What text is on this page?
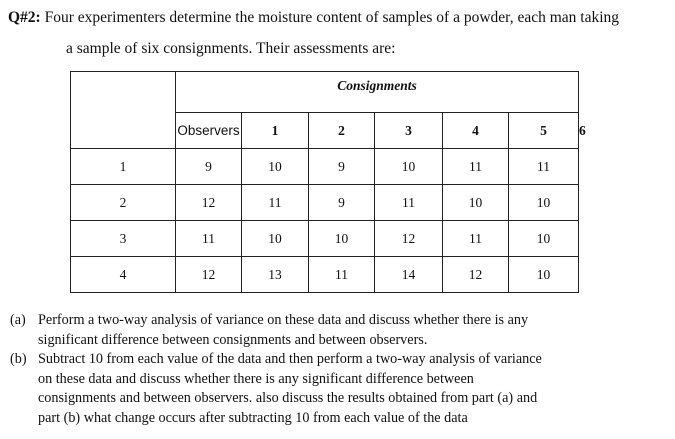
Q#2: Four experimenters determine the moisture content of samples of a powder, each man taking
a sample of six consignments. Their assessments are:
	Consignments						
	Observers	1	2	3	4	5	6
1	9	10	9	10	11	11	
2	12	11	9	11	10	10	
3	11	10	10	12	11	10	
4	12	13	11	14	12	10	
(a) Perform a two-way analysis of variance on these data and discuss whether there is any
significant difference between consignments and between observers.
(b) Subtract 10 from each value of the data and then perform a two-way analysis of variance
on these data and discuss whether there is any significant difference between
consignments and between observers. also discuss the results obtained from part (a) and
part (b) what change occurs after subtracting 10 from each value of the data
